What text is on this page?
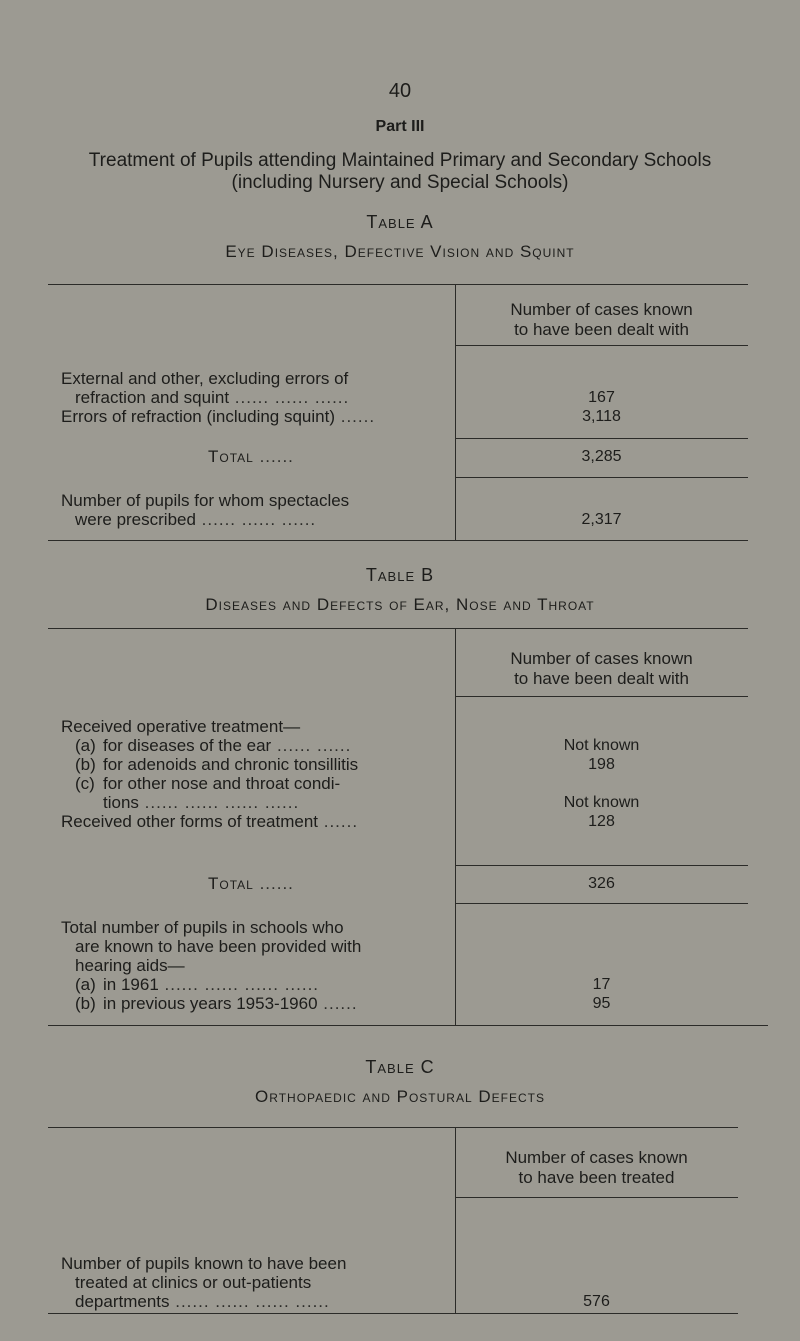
40
Part III
Treatment of Pupils attending Maintained Primary and Secondary Schools
(including Nursery and Special Schools)
Table A
Eye Diseases, Defective Vision and Squint
Number of cases known
to have been dealt with
External and other, excluding errors of
refraction and squint ...... ...... ......	167
Errors of refraction (including squint) ......	3,118
Total ......	3,285
Number of pupils for whom spectacles
were prescribed ...... ...... ......	2,317
Table B
Diseases and Defects of Ear, Nose and Throat
Number of cases known
to have been dealt with
Received operative treatment—
(a) for diseases of the ear ...... ......	Not known
(b) for adenoids and chronic tonsillitis	198
(c) for other nose and throat condi-
tions ...... ...... ...... ......	Not known
Received other forms of treatment ......	128
Total ......	326
Total number of pupils in schools who
are known to have been provided with
hearing aids—
(a) in 1961 ...... ...... ...... ......	17
(b) in previous years 1953-1960 ......	95
Table C
Orthopaedic and Postural Defects
Number of cases known
to have been treated
Number of pupils known to have been
treated at clinics or out-patients
departments ...... ...... ...... ......	576
